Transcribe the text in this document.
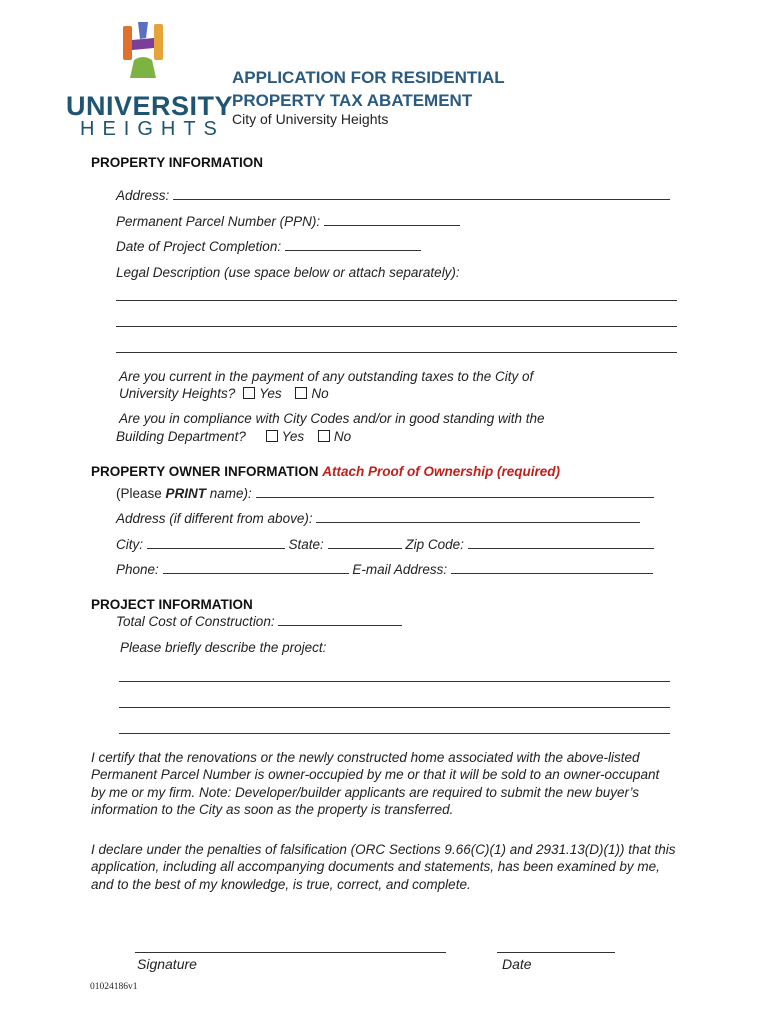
UNIVERSITY
HEIGHTS
APPLICATION FOR RESIDENTIAL
PROPERTY TAX ABATEMENT
City of University Heights
PROPERTY INFORMATION
Address:
Permanent Parcel Number (PPN):
Date of Project Completion:
Legal Description (use space below or attach separately):
Are you current in the payment of any outstanding taxes to the City of
University Heights? Yes No
Are you in compliance with City Codes and/or in good standing with the
Building Department?	Yes No
PROPERTY OWNER INFORMATION Attach Proof of Ownership (required)
(Please PRINT name):
Address (if different from above):
City:	State:	Zip Code:
Phone:	E-mail Address:
PROJECT INFORMATION
Total Cost of Construction:
Please briefly describe the project:
I certify that the renovations or the newly constructed home associated with the above-listed Permanent Parcel Number is owner-occupied by me or that it will be sold to an owner-occupant by me or my firm. Note: Developer/builder applicants are required to submit the new buyer’s information to the City as soon as the property is transferred.
I declare under the penalties of falsification (ORC Sections 9.66(C)(1) and 2931.13(D)(1)) that this application, including all accompanying documents and statements, has been examined by me, and to the best of my knowledge, is true, correct, and complete.
Signature	Date
01024186v1
